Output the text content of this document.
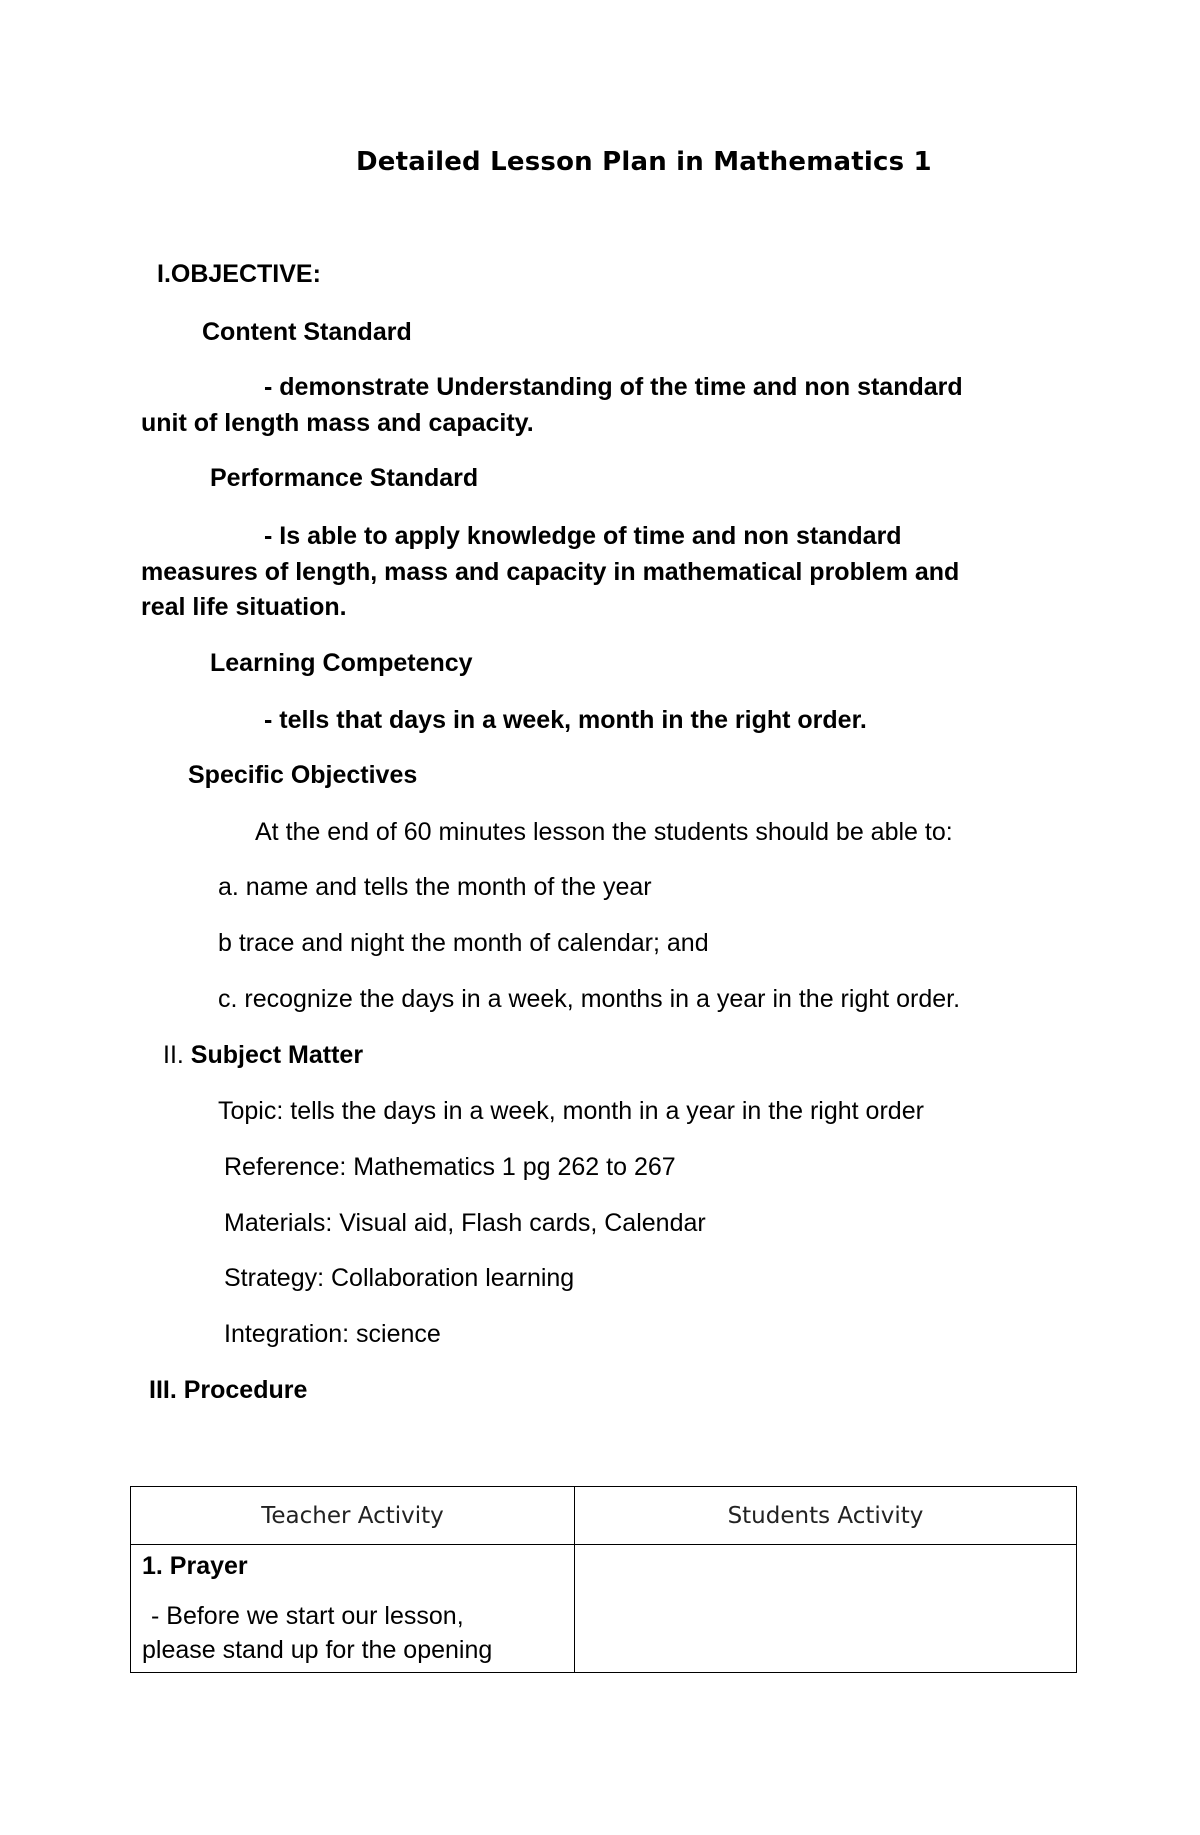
Detailed Lesson Plan in Mathematics 1
I.OBJECTIVE:
Content Standard
- demonstrate Understanding of the time and non standard
unit of length mass and capacity.
Performance Standard
- Is able to apply knowledge of time and non standard
measures of length, mass and capacity in mathematical problem and
real life situation.
Learning Competency
- tells that days in a week, month in the right order.
Specific Objectives
At the end of 60 minutes lesson the students should be able to:
a. name and tells the month of the year
b trace and night the month of calendar; and
c. recognize the days in a week, months in a year in the right order.
II. Subject Matter
Topic: tells the days in a week, month in a year in the right order
Reference: Mathematics 1 pg 262 to 267
Materials: Visual aid, Flash cards, Calendar
Strategy: Collaboration learning
Integration: science
III. Procedure
Teacher Activity	Students Activity

1. Prayer
- Before we start our lesson,
please stand up for the opening	
